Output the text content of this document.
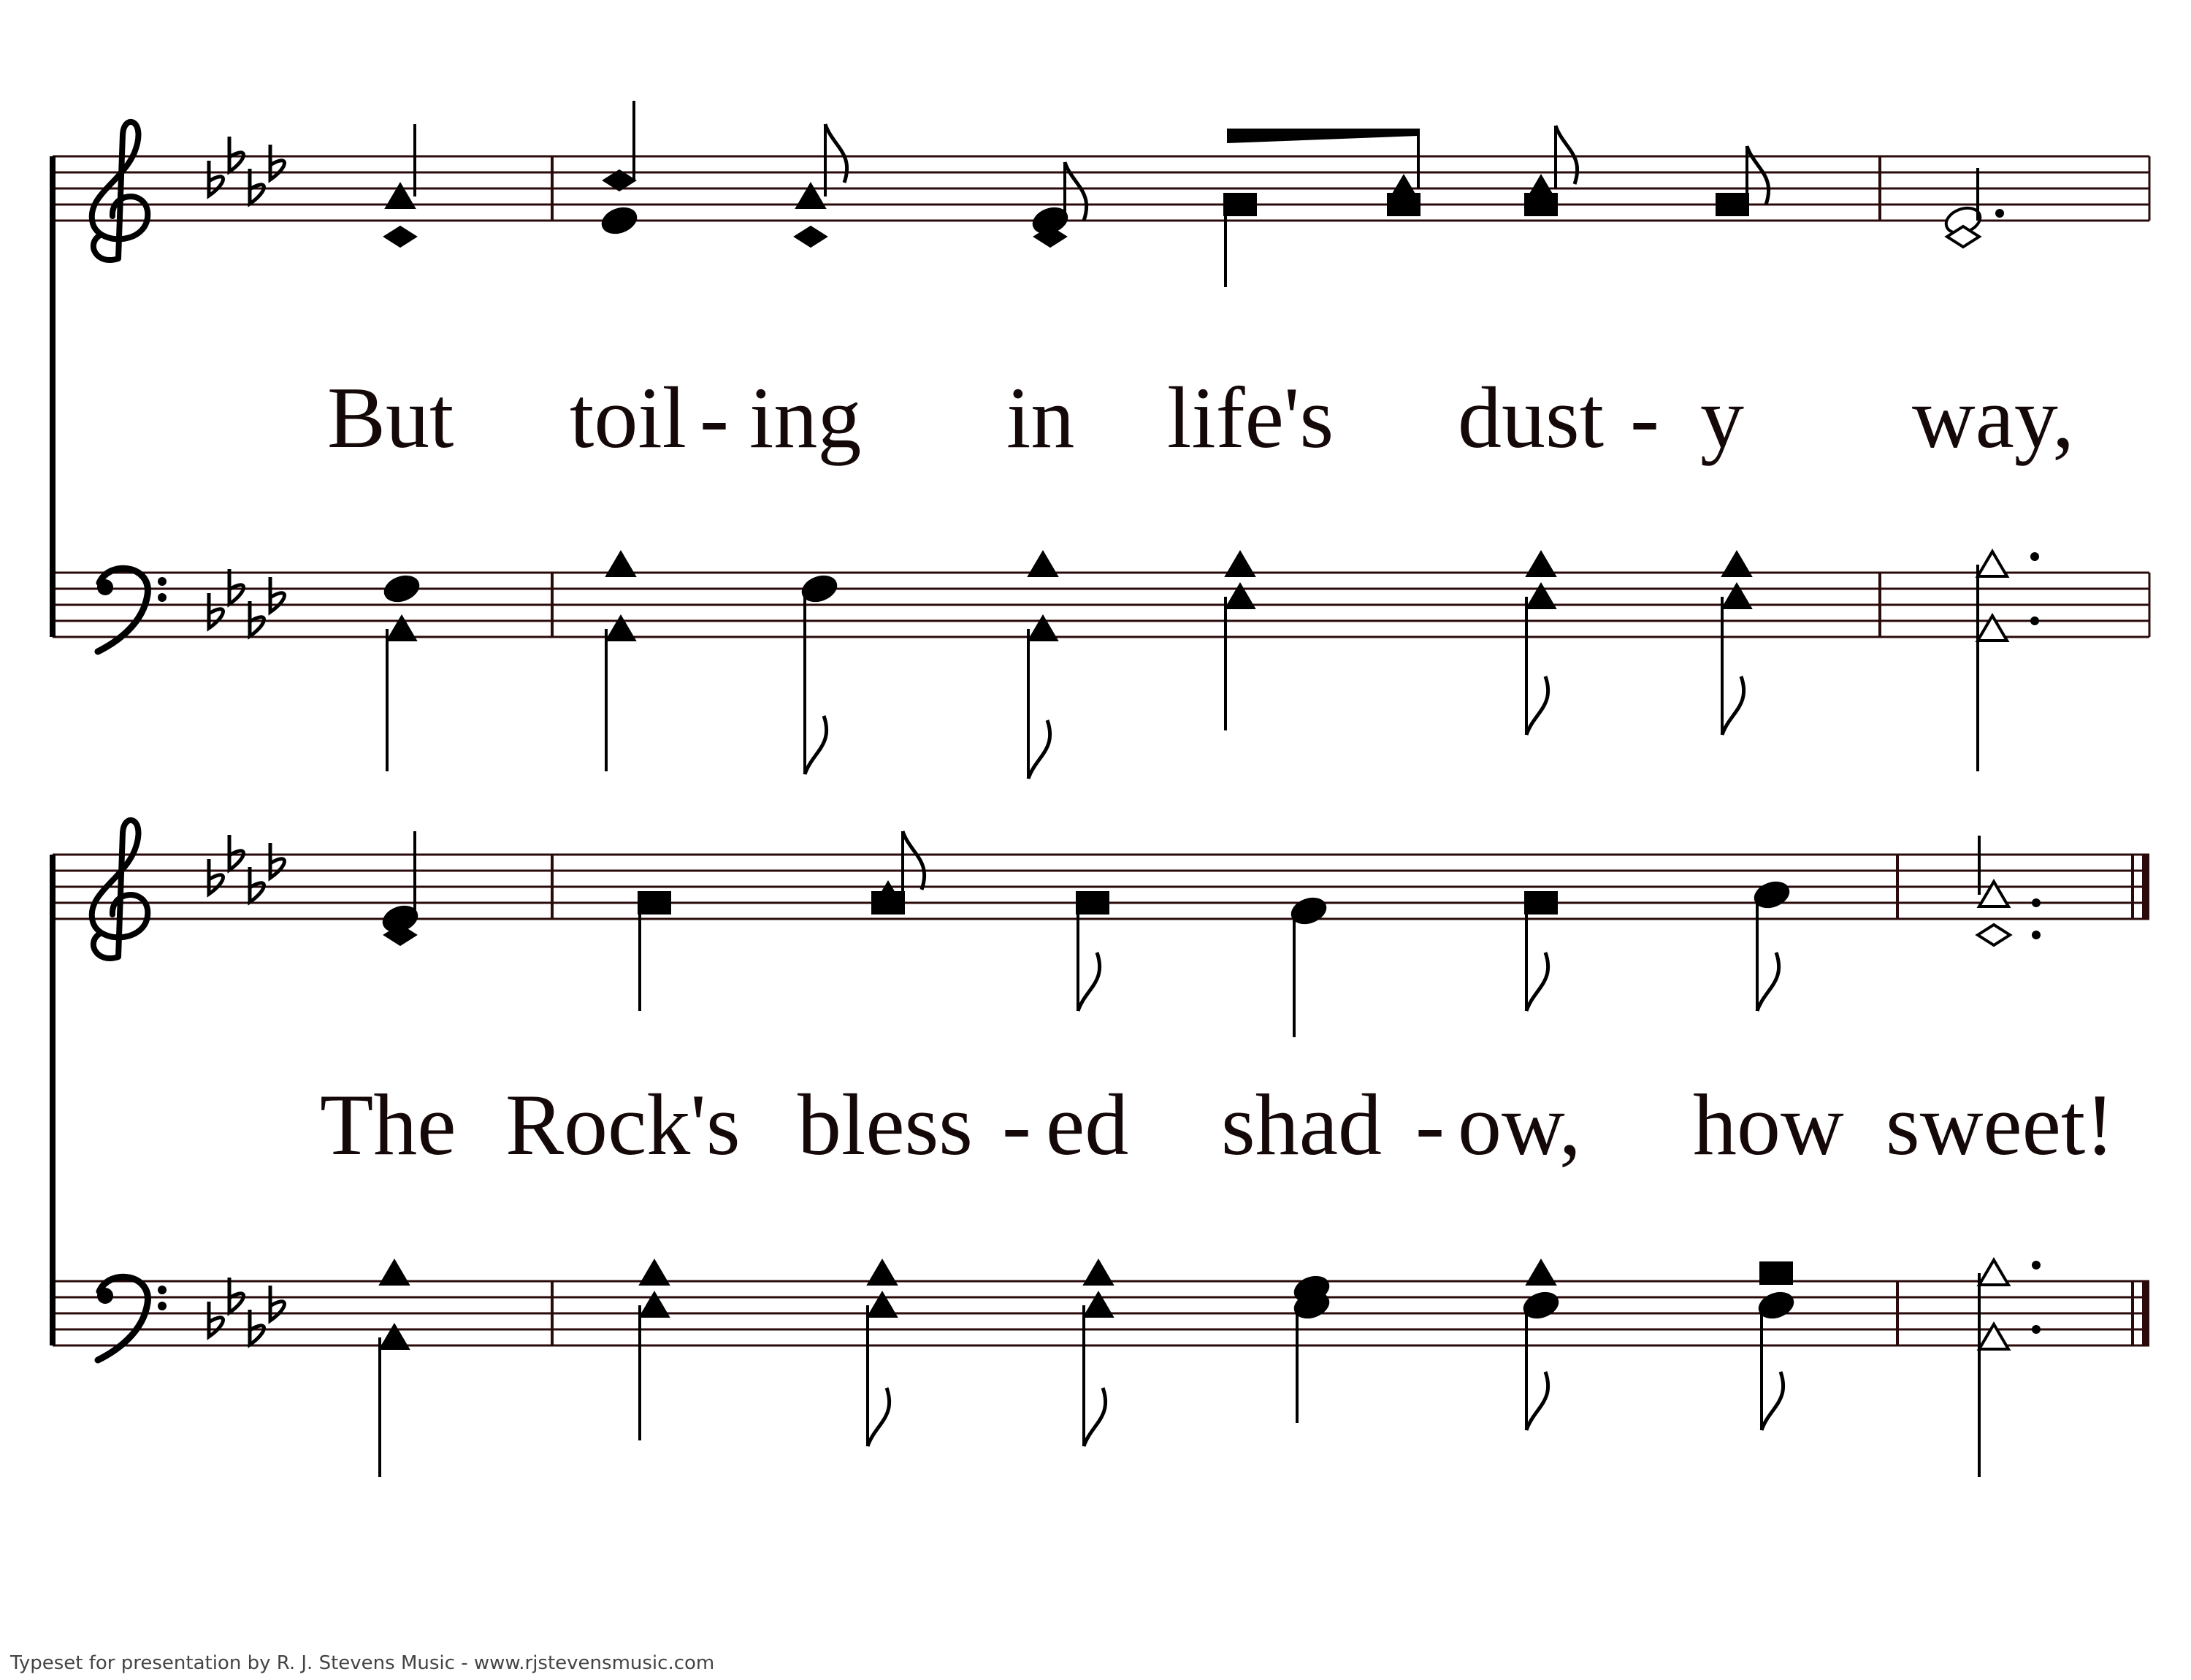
But toil - ing in life's dust - y way,
The Rock's bless - ed shad - ow, how sweet!
Typeset for presentation by R. J. Stevens Music - www.rjstevensmusic.com
